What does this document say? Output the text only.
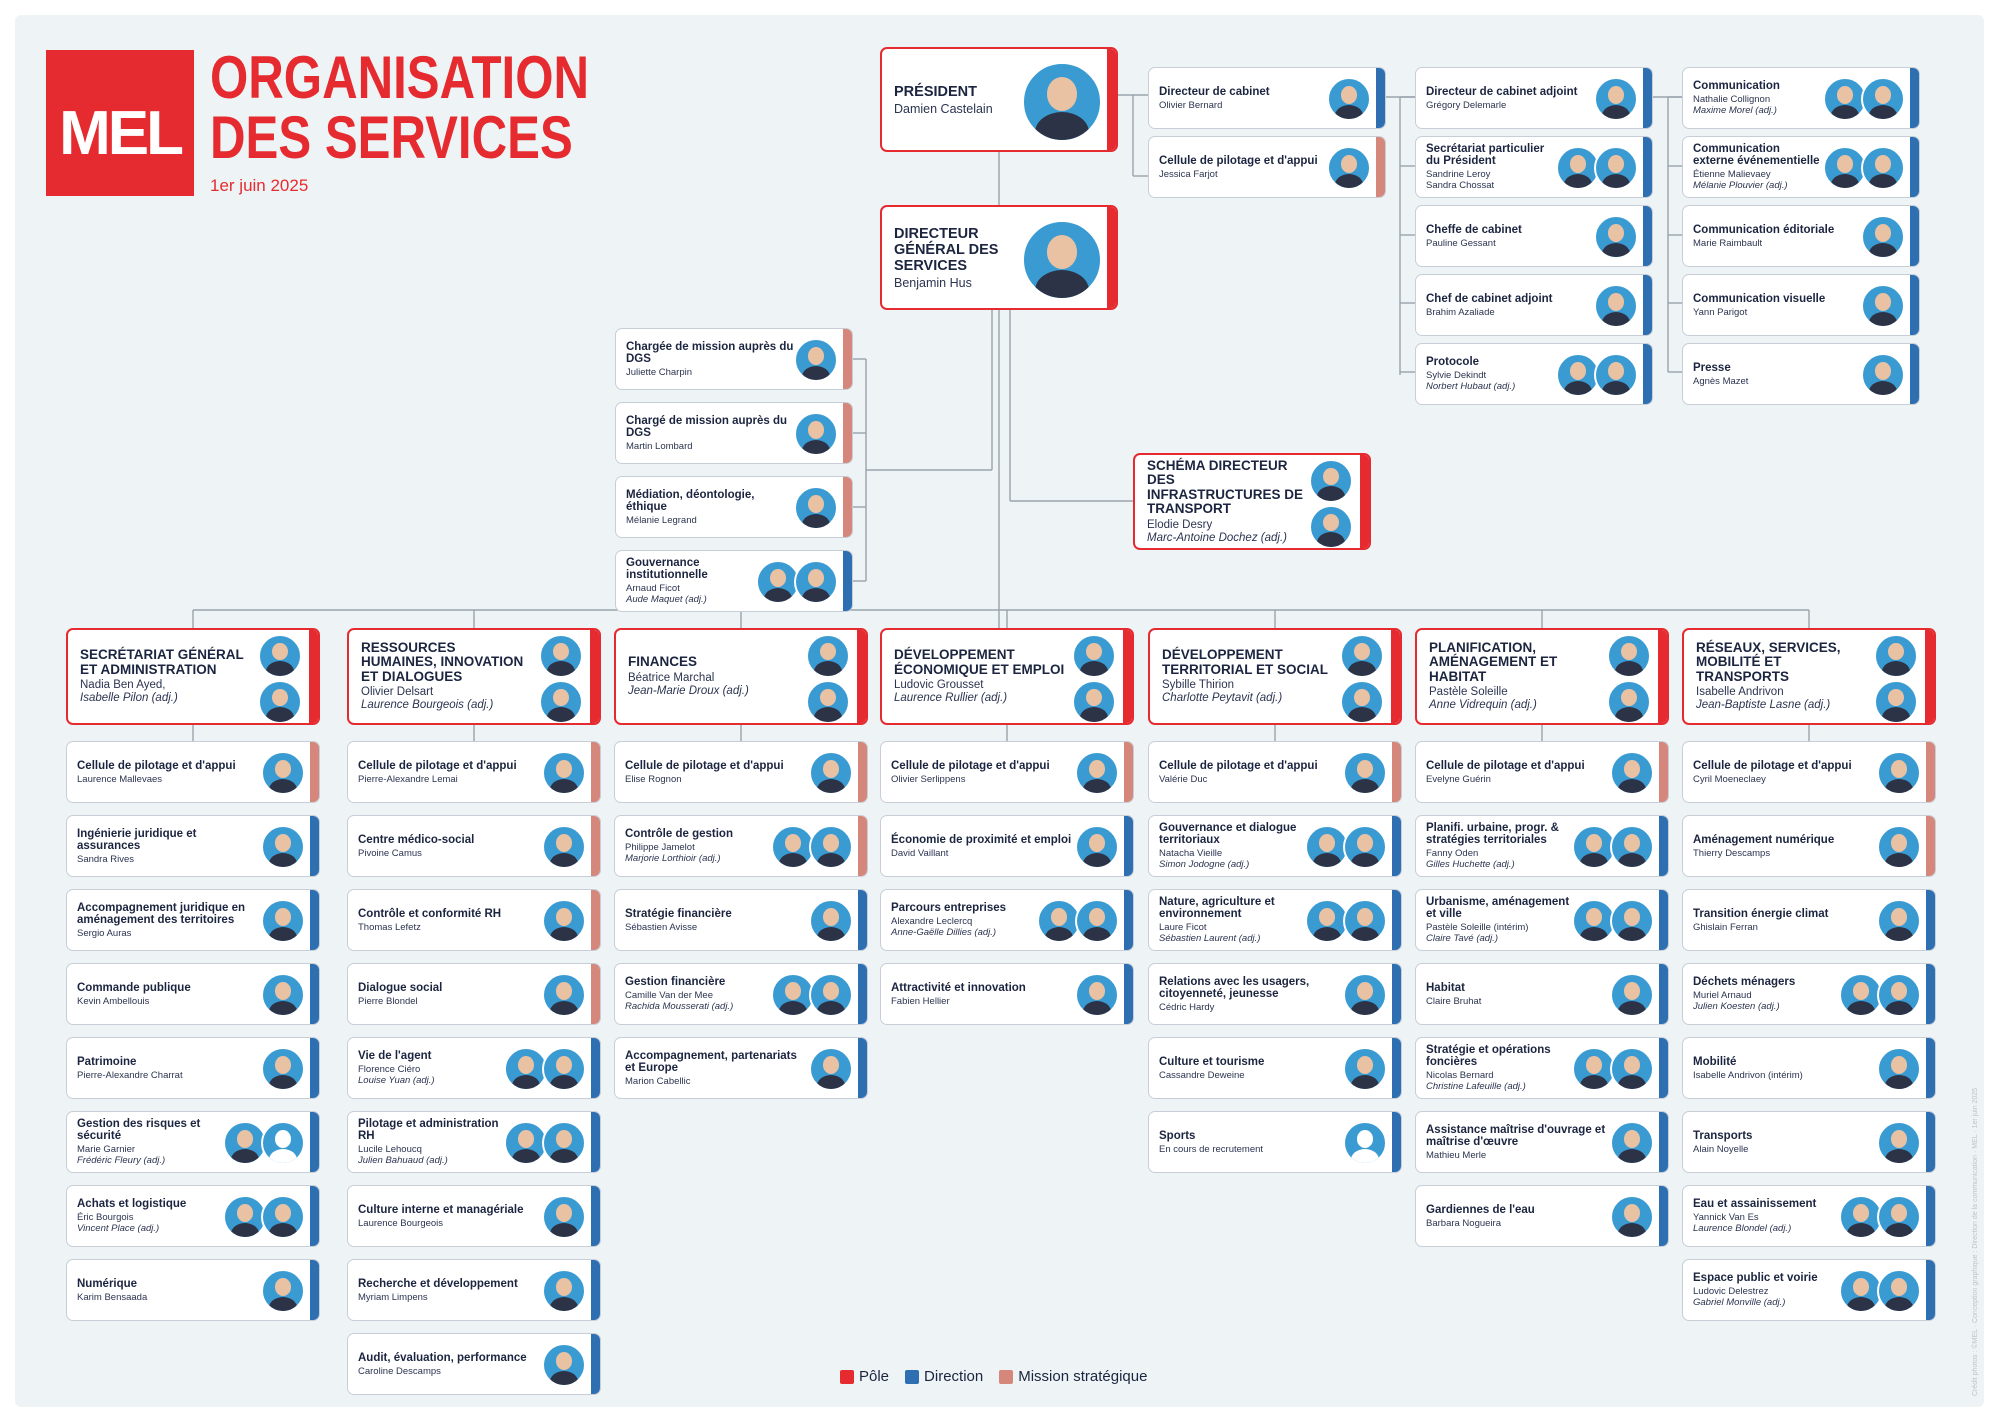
MEL
ORGANISATION
DES SERVICES
1er juin 2025
PRÉSIDENT
Damien Castelain
DIRECTEUR GÉNÉRAL DES SERVICES
Benjamin Hus
SCHÉMA DIRECTEUR DES INFRASTRUCTURES DE TRANSPORT
Elodie Desry
Marc-Antoine Dochez (adj.)
Directeur de cabinet
Olivier Bernard
Cellule de pilotage et d'appui
Jessica Farjot
Directeur de cabinet adjoint
Grégory Delemarle
Secrétariat particulier du Président
Sandrine Leroy
Sandra Chossat
Cheffe de cabinet
Pauline Gessant
Chef de cabinet adjoint
Brahim Azaliade
Protocole
Sylvie Dekindt
Norbert Hubaut (adj.)
Communication
Nathalie Collignon
Maxime Morel (adj.)
Communication externe événementielle
Étienne Malievaey
Mélanie Plouvier (adj.)
Communication éditoriale
Marie Raimbault
Communication visuelle
Yann Parigot
Presse
Agnès Mazet
Chargée de mission auprès du DGS
Juliette Charpin
Chargé de mission auprès du DGS
Martin Lombard
Médiation, déontologie, éthique
Mélanie Legrand
Gouvernance institutionnelle
Arnaud Ficot
Aude Maquet (adj.)
SECRÉTARIAT GÉNÉRAL ET ADMINISTRATION
Nadia Ben Ayed,
Isabelle Pilon (adj.)
Cellule de pilotage et d'appui
Laurence Mallevaes
Ingénierie juridique et assurances
Sandra Rives
Accompagnement juridique en aménagement des territoires
Sergio Auras
Commande publique
Kevin Ambellouis
Patrimoine
Pierre-Alexandre Charrat
Gestion des risques et sécurité
Marie Garnier
Frédéric Fleury (adj.)
Achats et logistique
Éric Bourgois
Vincent Place (adj.)
Numérique
Karim Bensaada
RESSOURCES HUMAINES, INNOVATION ET DIALOGUES
Olivier Delsart
Laurence Bourgeois (adj.)
Cellule de pilotage et d'appui
Pierre-Alexandre Lemai
Centre médico-social
Pivoine Camus
Contrôle et conformité RH
Thomas Lefetz
Dialogue social
Pierre Blondel
Vie de l'agent
Florence Ciéro
Louise Yuan (adj.)
Pilotage et administration RH
Lucile Lehoucq
Julien Bahuaud (adj.)
Culture interne et managériale
Laurence Bourgeois
Recherche et développement
Myriam Limpens
Audit, évaluation, performance
Caroline Descamps
FINANCES
Béatrice Marchal
Jean-Marie Droux (adj.)
Cellule de pilotage et d'appui
Elise Rognon
Contrôle de gestion
Philippe Jamelot
Marjorie Lorthioir (adj.)
Stratégie financière
Sébastien Avisse
Gestion financière
Camille Van der Mee
Rachida Mousserati (adj.)
Accompagnement, partenariats et Europe
Marion Cabellic
DÉVELOPPEMENT ÉCONOMIQUE ET EMPLOI
Ludovic Grousset
Laurence Rullier (adj.)
Cellule de pilotage et d'appui
Olivier Serlippens
Économie de proximité et emploi
David Vaillant
Parcours entreprises
Alexandre Leclercq
Anne-Gaëlle Dillies (adj.)
Attractivité et innovation
Fabien Hellier
DÉVELOPPEMENT TERRITORIAL ET SOCIAL
Sybille Thirion
Charlotte Peytavit (adj.)
Cellule de pilotage et d'appui
Valérie Duc
Gouvernance et dialogue territoriaux
Natacha Vieille
Simon Jodogne (adj.)
Nature, agriculture et environnement
Laure Ficot
Sébastien Laurent (adj.)
Relations avec les usagers, citoyenneté, jeunesse
Cédric Hardy
Culture et tourisme
Cassandre Deweine
Sports
En cours de recrutement
PLANIFICATION, AMÉNAGEMENT ET HABITAT
Pastèle Soleille
Anne Vidrequin (adj.)
Cellule de pilotage et d'appui
Evelyne Guérin
Planifi. urbaine, progr. & stratégies territoriales
Fanny Oden
Gilles Huchette (adj.)
Urbanisme, aménagement et ville
Pastèle Soleille (intérim)
Claire Tavé (adj.)
Habitat
Claire Bruhat
Stratégie et opérations foncières
Nicolas Bernard
Christine Lafeuille (adj.)
Assistance maîtrise d'ouvrage et maîtrise d'œuvre
Mathieu Merle
Gardiennes de l'eau
Barbara Nogueira
RÉSEAUX, SERVICES, MOBILITÉ ET TRANSPORTS
Isabelle Andrivon
Jean-Baptiste Lasne (adj.)
Cellule de pilotage et d'appui
Cyril Moeneclaey
Aménagement numérique
Thierry Descamps
Transition énergie climat
Ghislain Ferran
Déchets ménagers
Muriel Arnaud
Julien Koesten (adj.)
Mobilité
Isabelle Andrivon (intérim)
Transports
Alain Noyelle
Eau et assainissement
Yannick Van Es
Laurence Blondel (adj.)
Espace public et voirie
Ludovic Delestrez
Gabriel Monville (adj.)
Pôle Direction Mission stratégique	Crédit photos : ©MEL · Conception graphique : Direction de la communication · MEL · 1er juin 2025
